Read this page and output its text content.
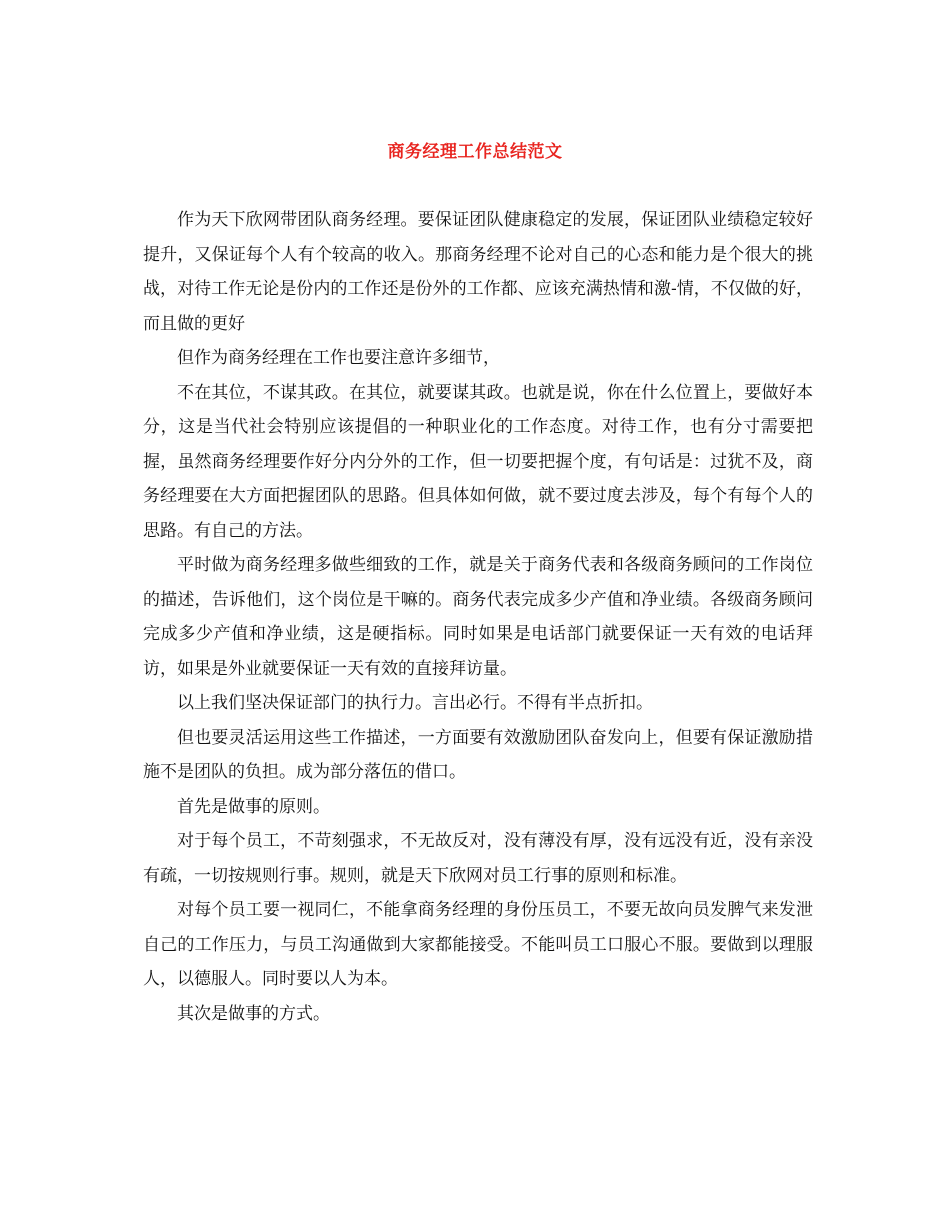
商务经理工作总结范文

作为天下欣网带团队商务经理。要保证团队健康稳定的发展，保证团队业绩稳定较好提升，又保证每个人有个较高的收入。那商务经理不论对自己的心态和能力是个很大的挑战，对待工作无论是份内的工作还是份外的工作都、应该充满热情和激-情，不仅做的好，而且做的更好

但作为商务经理在工作也要注意许多细节，

不在其位，不谋其政。在其位，就要谋其政。也就是说，你在什么位置上，要做好本分，这是当代社会特别应该提倡的一种职业化的工作态度。对待工作，也有分寸需要把握，虽然商务经理要作好分内分外的工作，但一切要把握个度，有句话是：过犹不及，商务经理要在大方面把握团队的思路。但具体如何做，就不要过度去涉及，每个有每个人的思路。有自己的方法。

平时做为商务经理多做些细致的工作，就是关于商务代表和各级商务顾问的工作岗位的描述，告诉他们，这个岗位是干嘛的。商务代表完成多少产值和净业绩。各级商务顾问完成多少产值和净业绩，这是硬指标。同时如果是电话部门就要保证一天有效的电话拜访，如果是外业就要保证一天有效的直接拜访量。

以上我们坚决保证部门的执行力。言出必行。不得有半点折扣。

但也要灵活运用这些工作描述，一方面要有效激励团队奋发向上，但要有保证激励措施不是团队的负担。成为部分落伍的借口。

首先是做事的原则。

对于每个员工，不苛刻强求，不无故反对，没有薄没有厚，没有远没有近，没有亲没有疏，一切按规则行事。规则，就是天下欣网对员工行事的原则和标准。

对每个员工要一视同仁，不能拿商务经理的身份压员工，不要无故向员发脾气来发泄自己的工作压力，与员工沟通做到大家都能接受。不能叫员工口服心不服。要做到以理服人，以德服人。同时要以人为本。

其次是做事的方式。
